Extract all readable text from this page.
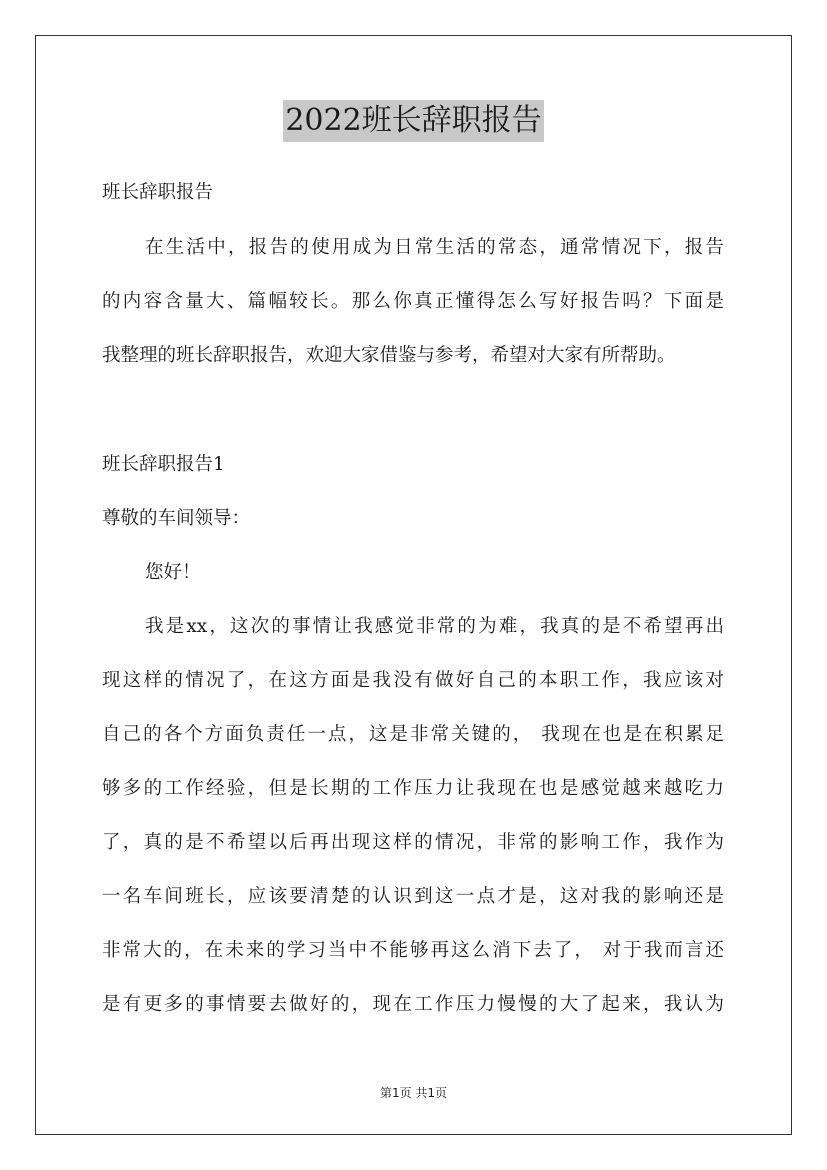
2022班长辞职报告
班长辞职报告
在生活中，报告的使用成为日常生活的常态，通常情况下，报告
的内容含量大、篇幅较长。那么你真正懂得怎么写好报告吗？下面是
我整理的班长辞职报告，欢迎大家借鉴与参考，希望对大家有所帮助。
班长辞职报告1
尊敬的车间领导：
您好！
我是xx，这次的事情让我感觉非常的为难，我真的是不希望再出
现这样的情况了，在这方面是我没有做好自己的本职工作，我应该对
自己的各个方面负责任一点，这是非常关键的， 我现在也是在积累足
够多的工作经验，但是长期的工作压力让我现在也是感觉越来越吃力
了，真的是不希望以后再出现这样的情况，非常的影响工作，我作为
一名车间班长，应该要清楚的认识到这一点才是，这对我的影响还是
非常大的，在未来的学习当中不能够再这么消下去了， 对于我而言还
是有更多的事情要去做好的，现在工作压力慢慢的大了起来，我认为
第1页 共1页
